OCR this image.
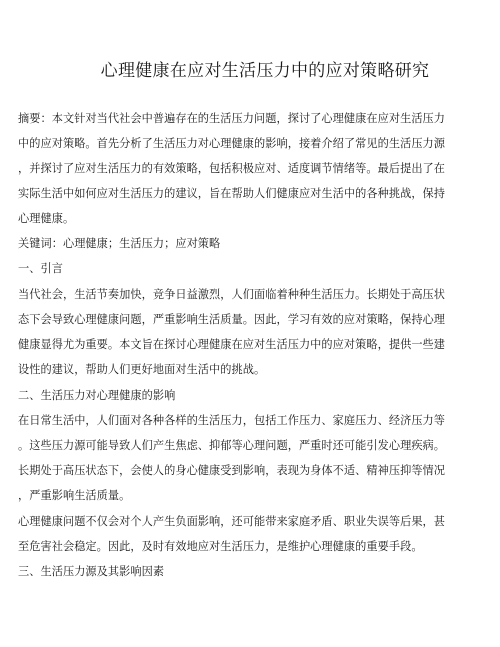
心理健康在应对生活压力中的应对策略研究
摘要：本文针对当代社会中普遍存在的生活压力问题，探讨了心理健康在应对生活压力
中的应对策略。首先分析了生活压力对心理健康的影响，接着介绍了常见的生活压力源
，并探讨了应对生活压力的有效策略，包括积极应对、适度调节情绪等。最后提出了在
实际生活中如何应对生活压力的建议，旨在帮助人们健康应对生活中的各种挑战，保持
心理健康。
关键词：心理健康；生活压力；应对策略
一、引言
当代社会，生活节奏加快，竞争日益激烈，人们面临着种种生活压力。长期处于高压状
态下会导致心理健康问题，严重影响生活质量。因此，学习有效的应对策略，保持心理
健康显得尤为重要。本文旨在探讨心理健康在应对生活压力中的应对策略，提供一些建
设性的建议，帮助人们更好地面对生活中的挑战。
二、生活压力对心理健康的影响
在日常生活中，人们面对各种各样的生活压力，包括工作压力、家庭压力、经济压力等
。这些压力源可能导致人们产生焦虑、抑郁等心理问题，严重时还可能引发心理疾病。
长期处于高压状态下，会使人的身心健康受到影响，表现为身体不适、精神压抑等情况
，严重影响生活质量。
心理健康问题不仅会对个人产生负面影响，还可能带来家庭矛盾、职业失误等后果，甚
至危害社会稳定。因此，及时有效地应对生活压力，是维护心理健康的重要手段。
三、生活压力源及其影响因素
